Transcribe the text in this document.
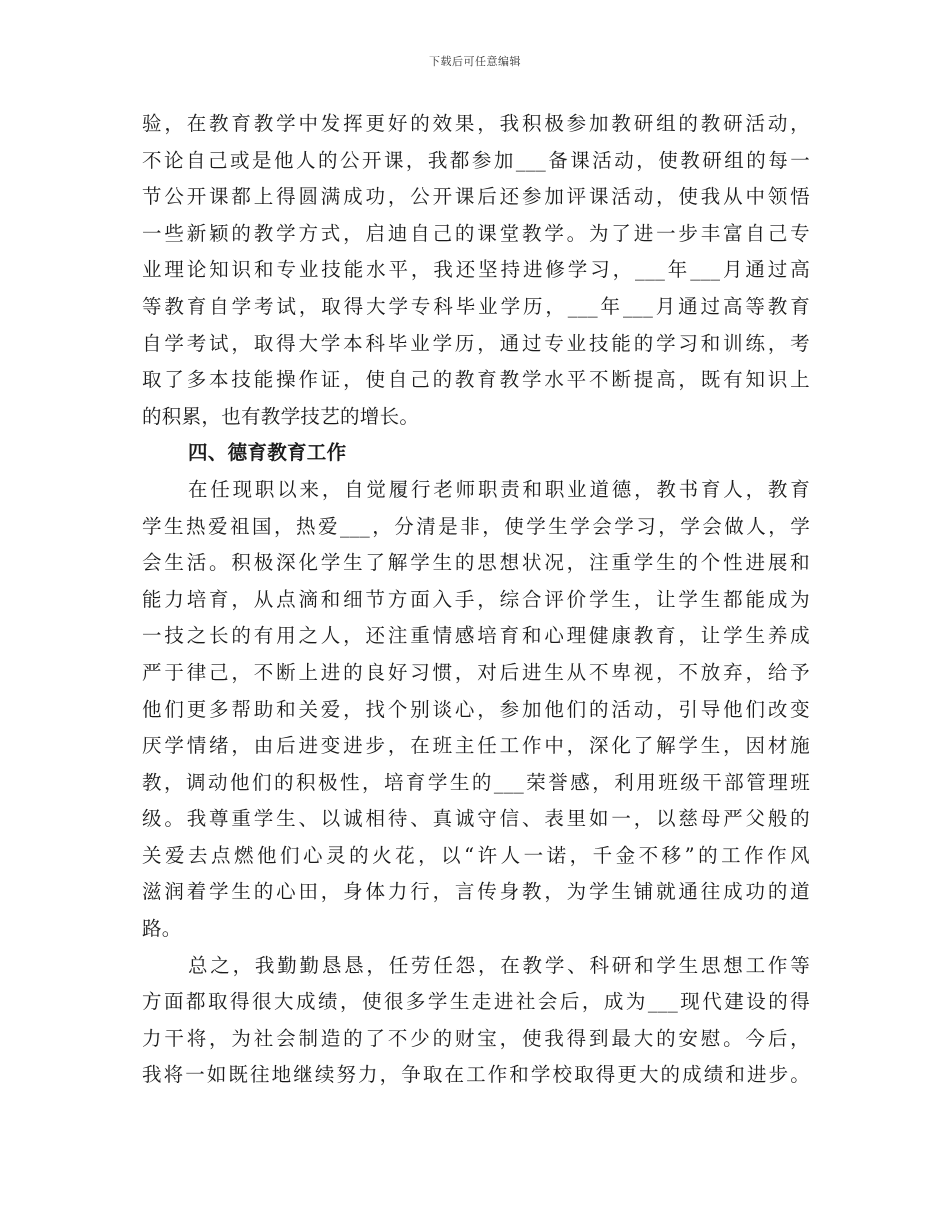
下载后可任意编辑
验，在教育教学中发挥更好的效果，我积极参加教研组的教研活动，
不论自己或是他人的公开课，我都参加___备课活动，使教研组的每一
节公开课都上得圆满成功，公开课后还参加评课活动，使我从中领悟
一些新颖的教学方式，启迪自己的课堂教学。为了进一步丰富自己专
业理论知识和专业技能水平，我还坚持进修学习，___年___月通过高
等教育自学考试，取得大学专科毕业学历，___年___月通过高等教育
自学考试，取得大学本科毕业学历，通过专业技能的学习和训练，考
取了多本技能操作证，使自己的教育教学水平不断提高，既有知识上
的积累，也有教学技艺的增长。
四、德育教育工作
在任现职以来，自觉履行老师职责和职业道德，教书育人，教育
学生热爱祖国，热爱___，分清是非，使学生学会学习，学会做人，学
会生活。积极深化学生了解学生的思想状况，注重学生的个性进展和
能力培育，从点滴和细节方面入手，综合评价学生，让学生都能成为
一技之长的有用之人，还注重情感培育和心理健康教育，让学生养成
严于律己，不断上进的良好习惯，对后进生从不卑视，不放弃，给予
他们更多帮助和关爱，找个别谈心，参加他们的活动，引导他们改变
厌学情绪，由后进变进步，在班主任工作中，深化了解学生，因材施
教，调动他们的积极性，培育学生的___荣誉感，利用班级干部管理班
级。我尊重学生、以诚相待、真诚守信、表里如一，以慈母严父般的
关爱去点燃他们心灵的火花，以“许人一诺，千金不移”的工作作风
滋润着学生的心田，身体力行，言传身教，为学生铺就通往成功的道
路。
总之，我勤勤恳恳，任劳任怨，在教学、科研和学生思想工作等
方面都取得很大成绩，使很多学生走进社会后，成为___现代建设的得
力干将，为社会制造的了不少的财宝，使我得到最大的安慰。今后，
我将一如既往地继续努力，争取在工作和学校取得更大的成绩和进步。
